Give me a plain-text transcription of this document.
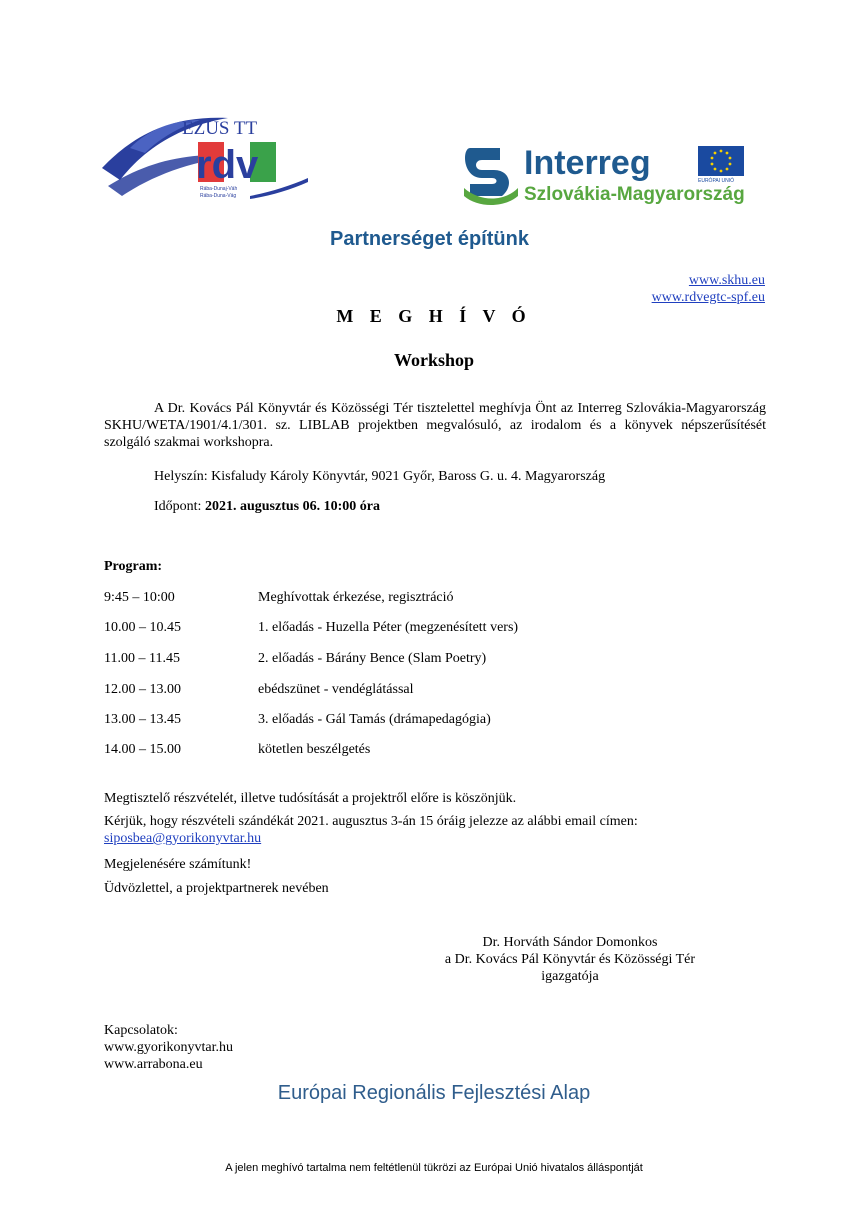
EZÜS TT
rdv
Rába-Dunaj-Váh
Rába-Duna-Vág
Interreg	EURÓPAI UNIÓ
Szlovákia-Magyarország
Partnerséget építünk
www.skhu.eu
www.rdvegtc-spf.eu
M E G H Í V Ó
Workshop
A Dr. Kovács Pál Könyvtár és Közösségi Tér tisztelettel meghívja Önt az Interreg Szlovákia-Magyarország SKHU/WETA/1901/4.1/301. sz. LIBLAB projektben megvalósuló, az irodalom és a könyvek népszerűsítését szolgáló szakmai workshopra.
Helyszín: Kisfaludy Károly Könyvtár, 9021 Győr, Baross G. u. 4. Magyarország
Időpont: 2021. augusztus 06. 10:00 óra
Program:
9:45 – 10:00	Meghívottak érkezése, regisztráció
10.00 – 10.45	1. előadás - Huzella Péter (megzenésített vers)
11.00 – 11.45	2. előadás - Bárány Bence (Slam Poetry)
12.00 – 13.00	ebédszünet - vendéglátással
13.00 – 13.45	3. előadás - Gál Tamás (drámapedagógia)
14.00 – 15.00	kötetlen beszélgetés
Megtisztelő részvételét, illetve tudósítását a projektről előre is köszönjük.
Kérjük, hogy részvételi szándékát 2021. augusztus 3-án 15 óráig jelezze az alábbi email címen:
siposbea@gyorikonyvtar.hu
Megjelenésére számítunk!
Üdvözlettel, a projektpartnerek nevében
Dr. Horváth Sándor Domonkos
a Dr. Kovács Pál Könyvtár és Közösségi Tér
igazgatója
Kapcsolatok:
www.gyorikonyvtar.hu
www.arrabona.eu
Európai Regionális Fejlesztési Alap
A jelen meghívó tartalma nem feltétlenül tükrözi az Európai Unió hivatalos álláspontját
